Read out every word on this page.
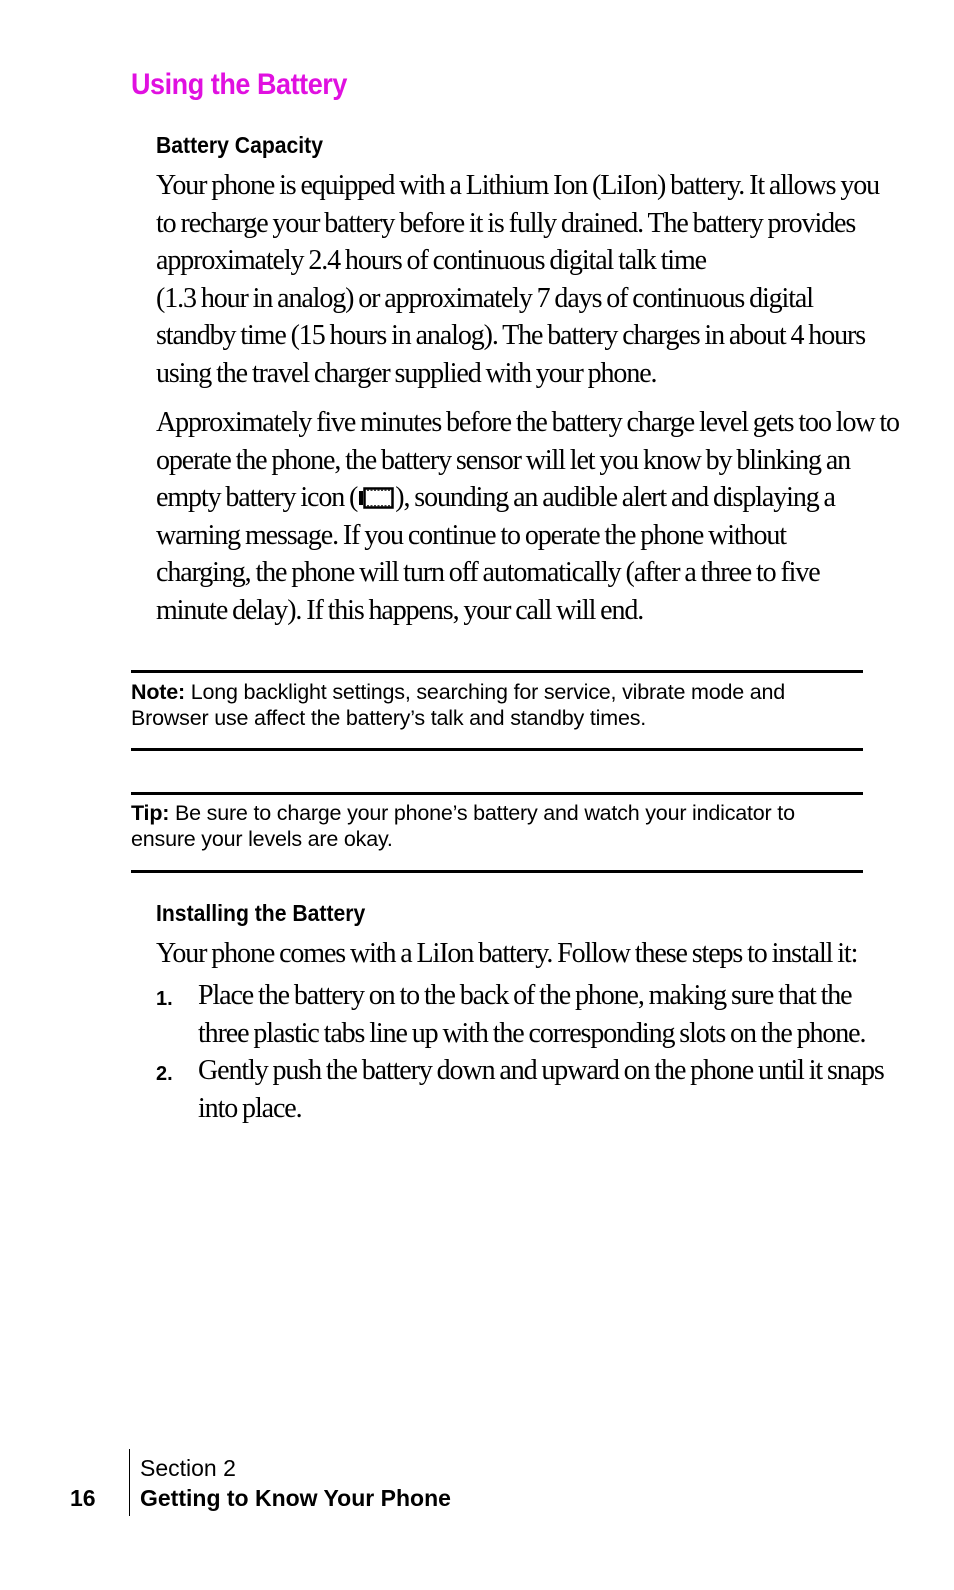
Using the Battery
Battery Capacity
Your phone is equipped with a Lithium Ion (LiIon) battery. It allows you
to recharge your battery before it is fully drained. The battery provides
approximately 2.4 hours of continuous digital talk time
(1.3 hour in analog) or approximately 7 days of continuous digital
standby time (15 hours in analog). The battery charges in about 4 hours
using the travel charger supplied with your phone.
Approximately five minutes before the battery charge level gets too low to
operate the phone, the battery sensor will let you know by blinking an
empty battery icon ( ), sounding an audible alert and displaying a
warning message. If you continue to operate the phone without
charging, the phone will turn off automatically (after a three to five
minute delay). If this happens, your call will end.
Note: Long backlight settings, searching for service, vibrate mode and Browser use affect the battery’s talk and standby times.
Tip: Be sure to charge your phone’s battery and watch your indicator to ensure your levels are okay.
Installing the Battery
Your phone comes with a LiIon battery. Follow these steps to install it:
1. Place the battery on to the back of the phone, making sure that the
three plastic tabs line up with the corresponding slots on the phone.
2. Gently push the battery down and upward on the phone until it snaps
into place.
16
Section 2
Getting to Know Your Phone
